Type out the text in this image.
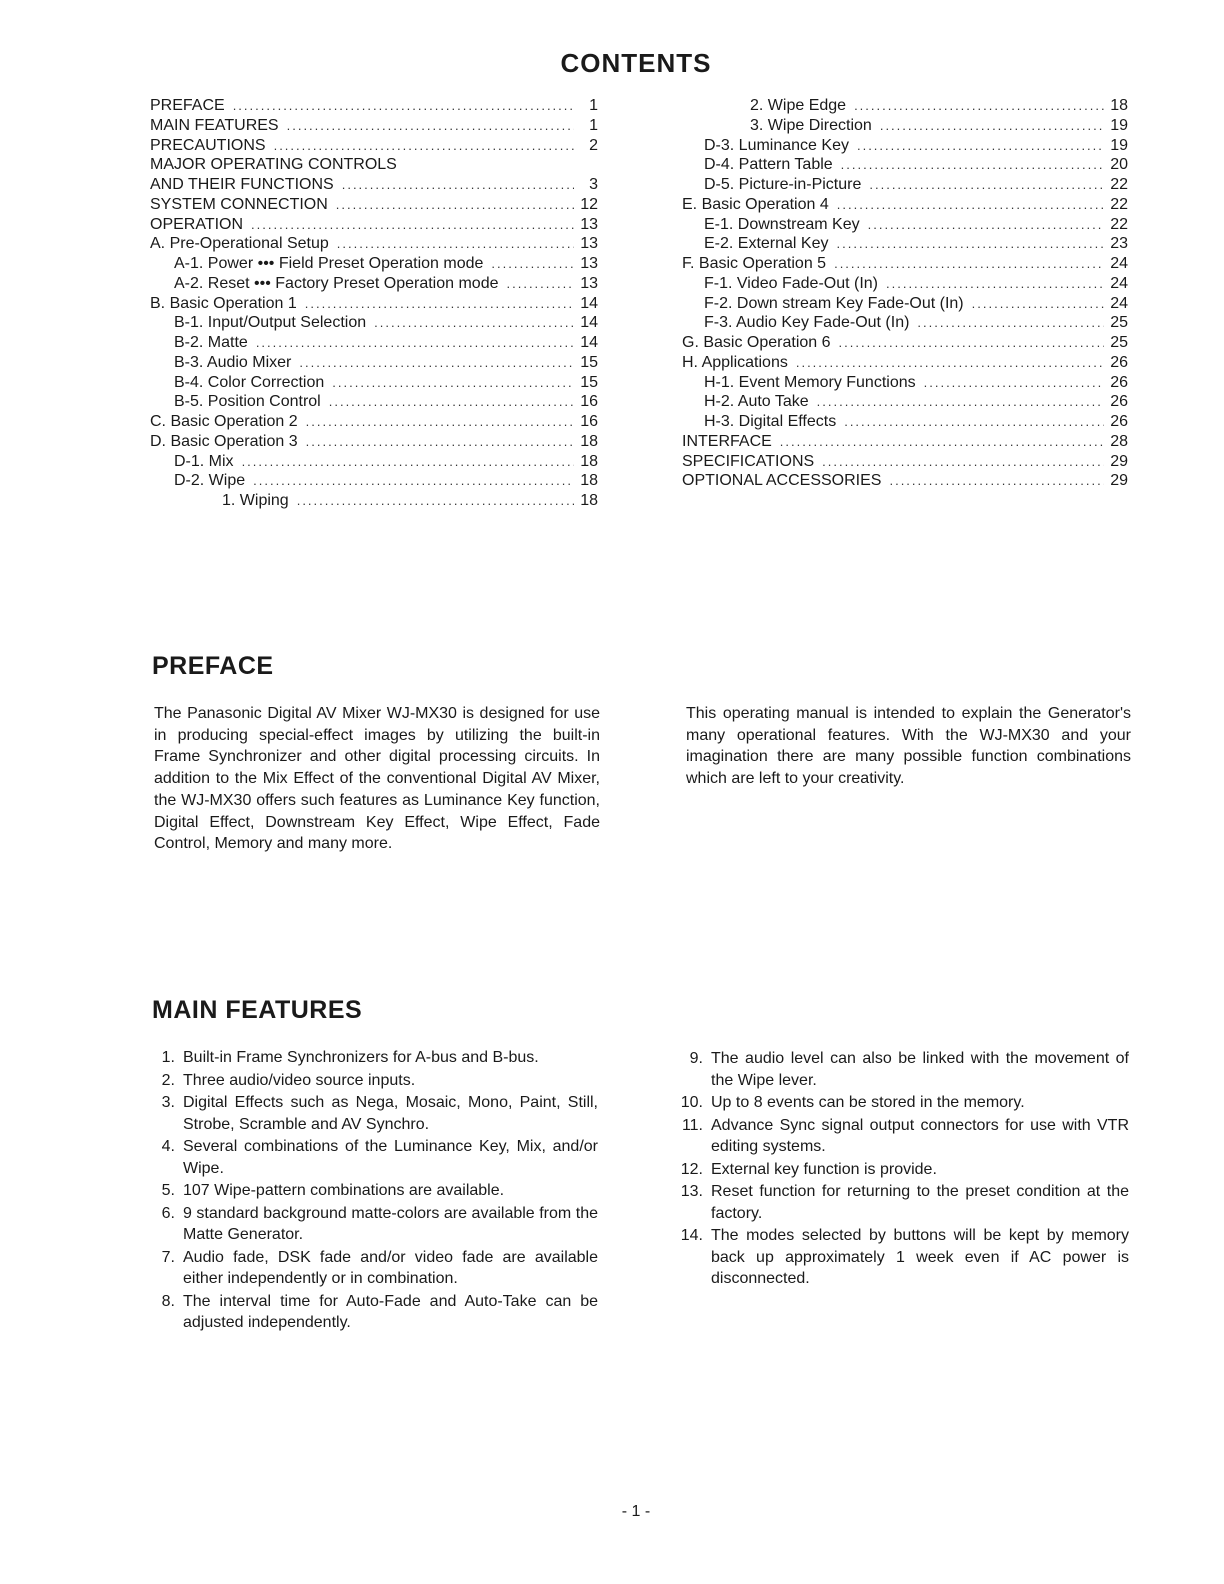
CONTENTS
PREFACE .....	1
MAIN FEATURES .....	1
PRECAUTIONS .....	2
MAJOR OPERATING CONTROLS
AND THEIR FUNCTIONS .....	3
SYSTEM CONNECTION .....	12
OPERATION .....	13
A. Pre-Operational Setup .....	13
A-1. Power ••• Field Preset Operation mode .....	13
A-2. Reset ••• Factory Preset Operation mode .....	13
B. Basic Operation 1 .....	14
B-1. Input/Output Selection .....	14
B-2. Matte .....	14
B-3. Audio Mixer .....	15
B-4. Color Correction .....	15
B-5. Position Control .....	16
C. Basic Operation 2 .....	16
D. Basic Operation 3 .....	18
D-1. Mix .....	18
D-2. Wipe .....	18
1. Wiping .....	18
2. Wipe Edge .....	18
3. Wipe Direction .....	19
D-3. Luminance Key .....	19
D-4. Pattern Table .....	20
D-5. Picture-in-Picture .....	22
E. Basic Operation 4 .....	22
E-1. Downstream Key .....	22
E-2. External Key .....	23
F. Basic Operation 5 .....	24
F-1. Video Fade-Out (In) .....	24
F-2. Down stream Key Fade-Out (In) .....	24
F-3. Audio Key Fade-Out (In) .....	25
G. Basic Operation 6 .....	25
H. Applications .....	26
H-1. Event Memory Functions .....	26
H-2. Auto Take .....	26
H-3. Digital Effects .....	26
INTERFACE .....	28
SPECIFICATIONS .....	29
OPTIONAL ACCESSORIES .....	29
PREFACE

The Panasonic Digital AV Mixer WJ-MX30 is designed for use in producing special-effect images by utilizing the built-in Frame Synchronizer and other digital processing circuits. In addition to the Mix Effect of the conventional Digital AV Mixer, the WJ-MX30 offers such features as Luminance Key function, Digital Effect, Downstream Key Effect, Wipe Effect, Fade Control, Memory and many more.

This operating manual is intended to explain the Generator's many operational features. With the WJ-MX30 and your imagination there are many possible function combinations which are left to your creativity.

MAIN FEATURES
1. Built-in Frame Synchronizers for A-bus and B-bus.
2. Three audio/video source inputs.
3. Digital Effects such as Nega, Mosaic, Mono, Paint, Still, Strobe, Scramble and AV Synchro.
4. Several combinations of the Luminance Key, Mix, and/or Wipe.
5. 107 Wipe-pattern combinations are available.
6. 9 standard background matte-colors are available from the Matte Generator.
7. Audio fade, DSK fade and/or video fade are available either independently or in combination.
8. The interval time for Auto-Fade and Auto-Take can be adjusted independently.
9. The audio level can also be linked with the movement of the Wipe lever.
10. Up to 8 events can be stored in the memory.
11. Advance Sync signal output connectors for use with VTR editing systems.
12. External key function is provide.
13. Reset function for returning to the preset condition at the factory.
14. The modes selected by buttons will be kept by memory back up approximately 1 week even if AC power is disconnected.
- 1 -
